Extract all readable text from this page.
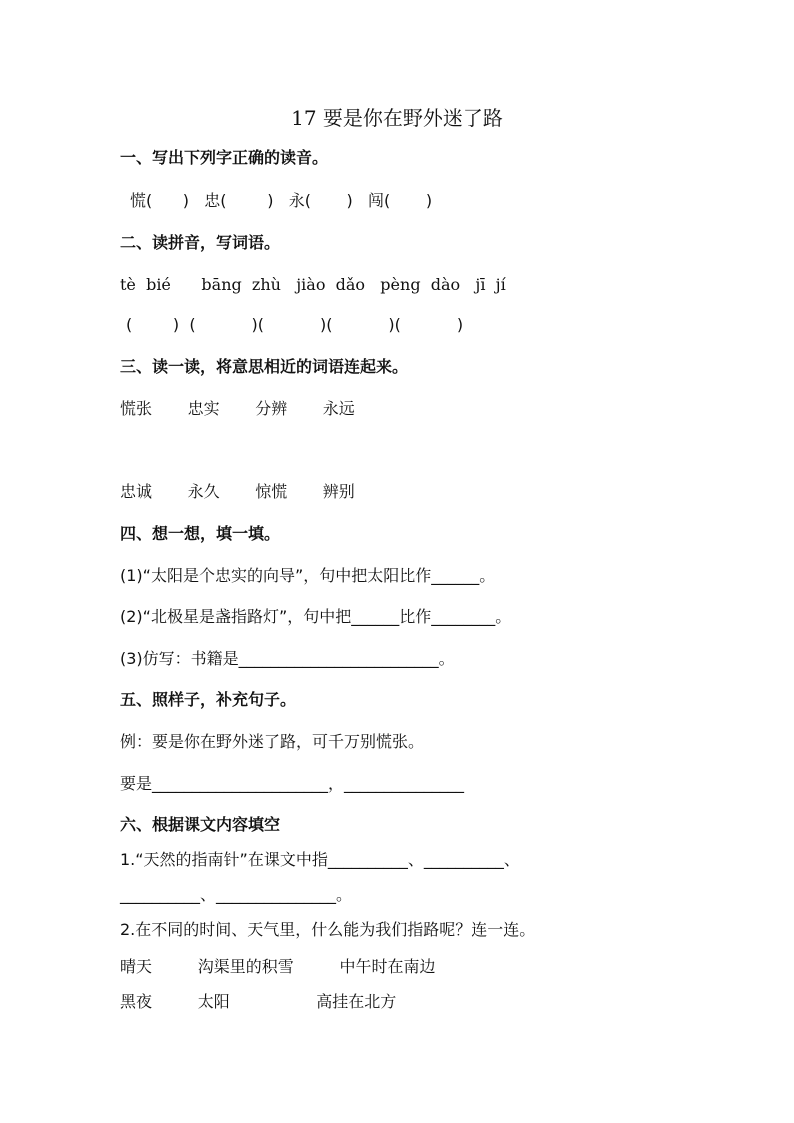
17 要是你在野外迷了路
一、写出下列字正确的读音。
慌(      )   忠(        )   永(       )   闯(       )
二、读拼音，写词语。
tè  bié      bāng  zhù   jiào  dǎo   pèng  dào   jī  jí
(        )  (           )(           )(           )(           )
三、读一读，将意思相近的词语连起来。
慌张       忠实       分辨       永远
忠诚       永久       惊慌       辨别
四、想一想，填一填。
(1)“太阳是个忠实的向导”，句中把太阳比作______。
(2)“北极星是盏指路灯”，句中把______比作________。
(3)仿写：书籍是_________________________。
五、照样子，补充句子。
例：要是你在野外迷了路，可千万别慌张。
要是______________________，_______________
六、根据课文内容填空
1.“天然的指南针”在课文中指__________、__________、
__________、_______________。
2.在不同的时间、天气里，什么能为我们指路呢？连一连。
晴天         沟渠里的积雪         中午时在南边
黑夜         太阳                 高挂在北方
